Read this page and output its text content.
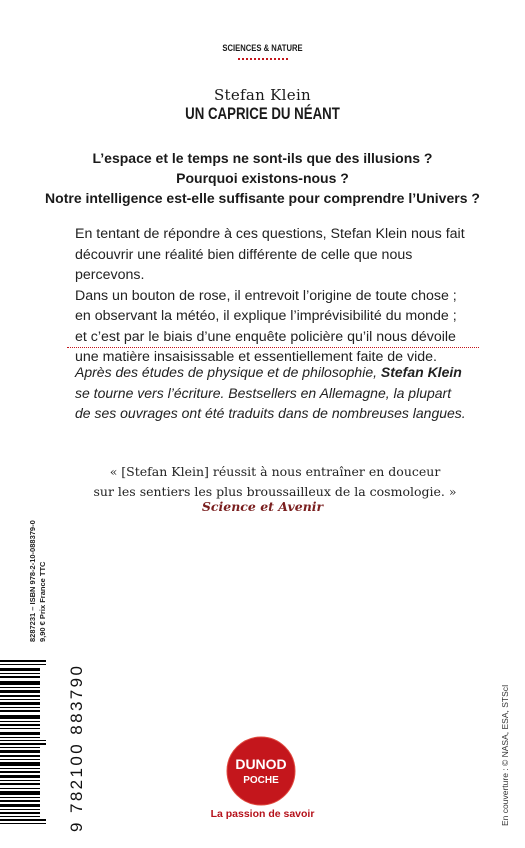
SCIENCES & NATURE
Stefan Klein
UN CAPRICE DU NÉANT
L’espace et le temps ne sont-ils que des illusions ?
Pourquoi existons-nous ?
Notre intelligence est-elle suffisante pour comprendre l’Univers ?
En tentant de répondre à ces questions, Stefan Klein nous fait
découvrir une réalité bien différente de celle que nous percevons.
Dans un bouton de rose, il entrevoit l’origine de toute chose ;
en observant la météo, il explique l’imprévisibilité du monde ;
et c’est par le biais d’une enquête policière qu’il nous dévoile
une matière insaisissable et essentiellement faite de vide.
Après des études de physique et de philosophie, Stefan Klein
se tourne vers l’écriture. Bestsellers en Allemagne, la plupart
de ses ouvrages ont été traduits dans de nombreuses langues.
« [Stefan Klein] réussit à nous entraîner en douceur
sur les sentiers les plus broussailleux de la cosmologie. »
Science et Avenir
8287231 – ISBN 978-2-10-088379-0 9,90 € Prix France TTC
9 782100 883790	En couverture : © NASA, ESA, STScI
DUNOD
POCHE
La passion de savoir
